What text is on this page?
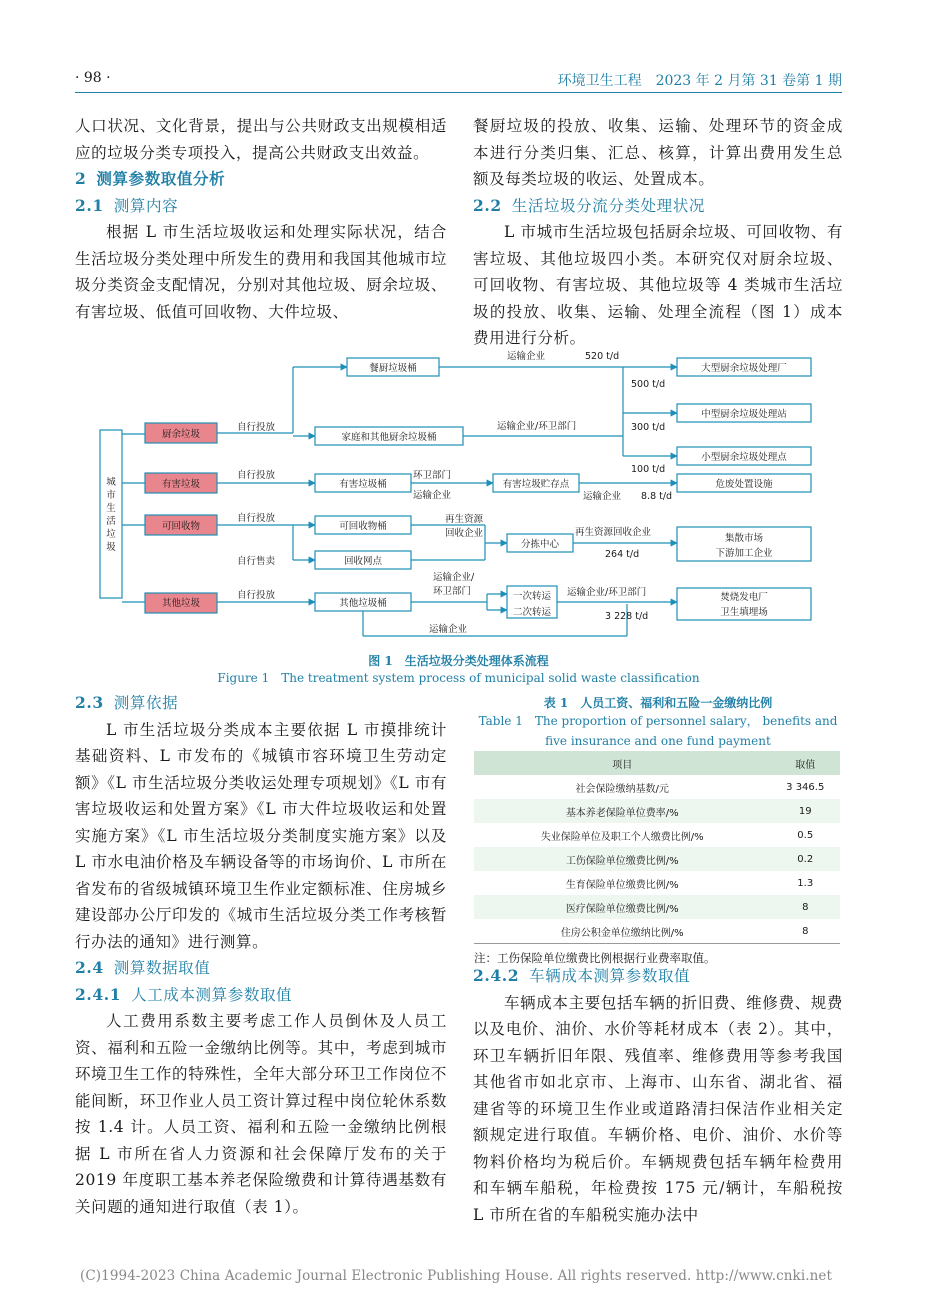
· 98 ·	环境卫生工程　2023 年 2 月第 31 卷第 1 期

人口状况、文化背景，提出与公共财政支出规模相适应的垃圾分类专项投入，提高公共财政支出效益。

2 测算参数取值分析

2.1 测算内容

根据 L 市生活垃圾收运和处理实际状况，结合生活垃圾分类处理中所发生的费用和我国其他城市垃圾分类资金支配情况，分别对其他垃圾、厨余垃圾、有害垃圾、低值可回收物、大件垃圾、

餐厨垃圾的投放、收集、运输、处理环节的资金成本进行分类归集、汇总、核算，计算出费用发生总额及每类垃圾的收运、处置成本。

2.2 生活垃圾分流分类处理状况

L 市城市生活垃圾包括厨余垃圾、可回收物、有害垃圾、其他垃圾四小类。本研究仅对厨余垃圾、可回收物、有害垃圾、其他垃圾等 4 类城市生活垃圾的投放、收集、运输、处理全流程（图 1）成本费用进行分析。

城
市
生
活
垃
圾
厨余垃圾
有害垃圾
可回收物
其他垃圾
餐厨垃圾桶
家庭和其他厨余垃圾桶
有害垃圾桶
可回收物桶
回收网点
其他垃圾桶
有害垃圾贮存点
分拣中心
一次转运
二次转运
大型厨余垃圾处理厂
中型厨余垃圾处理站
小型厨余垃圾处理点
危废处置设施
集散市场
下游加工企业
焚烧发电厂
卫生填埋场
自行投放
自行投放
自行投放
自行售卖
自行投放
运输企业	520 t/d
500 t/d
运输企业/环卫部门	300 t/d
100 t/d
环卫部门
运输企业	运输企业 8.8 t/d
再生资源
回收企业	再生资源回收企业
264 t/d
运输企业/
环卫部门	运输企业/环卫部门
3 228 t/d
运输企业
图 1　生活垃圾分类处理体系流程
Figure 1　The treatment system process of municipal solid waste classification

2.3 测算依据

L 市生活垃圾分类成本主要依据 L 市摸排统计基础资料、L 市发布的《城镇市容环境卫生劳动定额》《L 市生活垃圾分类收运处理专项规划》《L 市有害垃圾收运和处置方案》《L 市大件垃圾收运和处置实施方案》《L 市生活垃圾分类制度实施方案》以及 L 市水电油价格及车辆设备等的市场询价、L 市所在省发布的省级城镇环境卫生作业定额标准、住房城乡建设部办公厅印发的《城市生活垃圾分类工作考核暂行办法的通知》进行测算。

2.4 测算数据取值

2.4.1 人工成本测算参数取值

人工费用系数主要考虑工作人员倒休及人员工资、福利和五险一金缴纳比例等。其中，考虑到城市环境卫生工作的特殊性，全年大部分环卫工作岗位不能间断，环卫作业人员工资计算过程中岗位轮休系数按 1.4 计。人员工资、福利和五险一金缴纳比例根据 L 市所在省人力资源和社会保障厅发布的关于 2019 年度职工基本养老保险缴费和计算待遇基数有关问题的通知进行取值（表 1）。

表 1　人员工资、福利和五险一金缴纳比例
Table 1　The proportion of personnel salary， benefits and five insurance and one fund payment
项目	取值
社会保险缴纳基数/元	3 346.5
基本养老保险单位费率/%	19
失业保险单位及职工个人缴费比例/%	0.5
工伤保险单位缴费比例/%	0.2
生育保险单位缴费比例/%	1.3
医疗保险单位缴费比例/%	8
住房公积金单位缴纳比例/%	8
注：工伤保险单位缴费比例根据行业费率取值。

2.4.2 车辆成本测算参数取值

车辆成本主要包括车辆的折旧费、维修费、规费以及电价、油价、水价等耗材成本（表 2）。其中，环卫车辆折旧年限、残值率、维修费用等参考我国其他省市如北京市、上海市、山东省、湖北省、福建省等的环境卫生作业或道路清扫保洁作业相关定额规定进行取值。车辆价格、电价、油价、水价等物料价格均为税后价。车辆规费包括车辆年检费用和车辆车船税，年检费按 175 元/辆计，车船税按 L 市所在省的车船税实施办法中

(C)1994-2023 China Academic Journal Electronic Publishing House. All rights reserved. http://www.cnki.net
